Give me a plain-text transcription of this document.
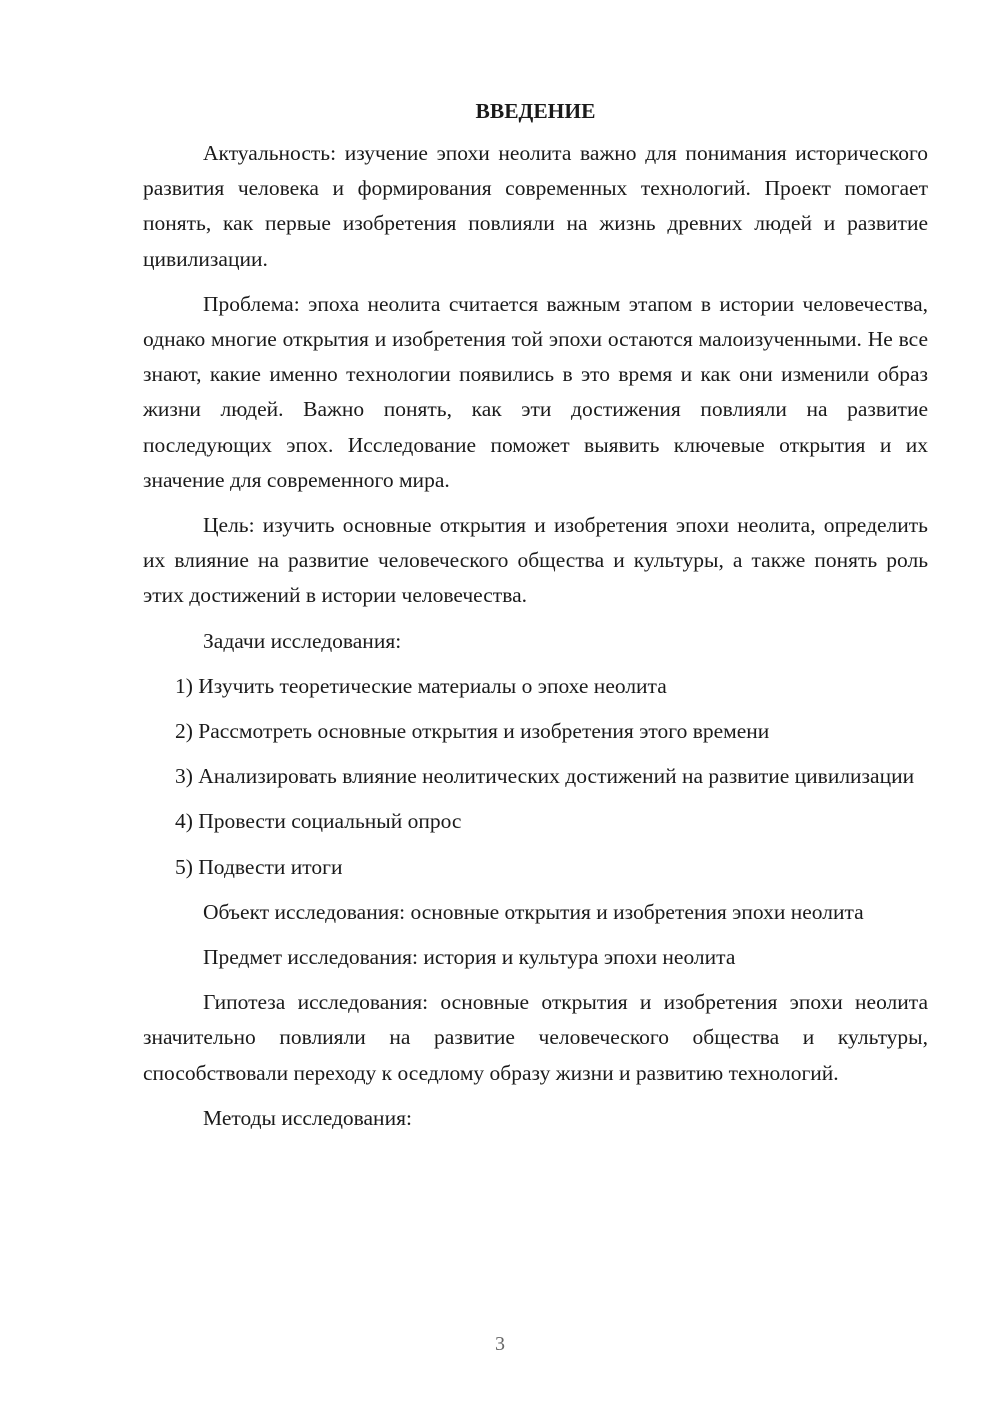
ВВЕДЕНИЕ

Актуальность: изучение эпохи неолита важно для понимания исторического развития человека и формирования современных технологий. Проект помогает понять, как первые изобретения повлияли на жизнь древних людей и развитие цивилизации.

Проблема: эпоха неолита считается важным этапом в истории человечества, однако многие открытия и изобретения той эпохи остаются малоизученными. Не все знают, какие именно технологии появились в это время и как они изменили образ жизни людей. Важно понять, как эти достижения повлияли на развитие последующих эпох. Исследование поможет выявить ключевые открытия и их значение для современного мира.

Цель: изучить основные открытия и изобретения эпохи неолита, определить их влияние на развитие человеческого общества и культуры, а также понять роль этих достижений в истории человечества.

Задачи исследования:

1) Изучить теоретические материалы о эпохе неолита

2) Рассмотреть основные открытия и изобретения этого времени

3) Анализировать влияние неолитических достижений на развитие цивилизации

4) Провести социальный опрос

5) Подвести итоги

Объект исследования: основные открытия и изобретения эпохи неолита

Предмет исследования: история и культура эпохи неолита

Гипотеза исследования: основные открытия и изобретения эпохи неолита значительно повлияли на развитие человеческого общества и культуры, способствовали переходу к оседлому образу жизни и развитию технологий.

Методы исследования:

3
